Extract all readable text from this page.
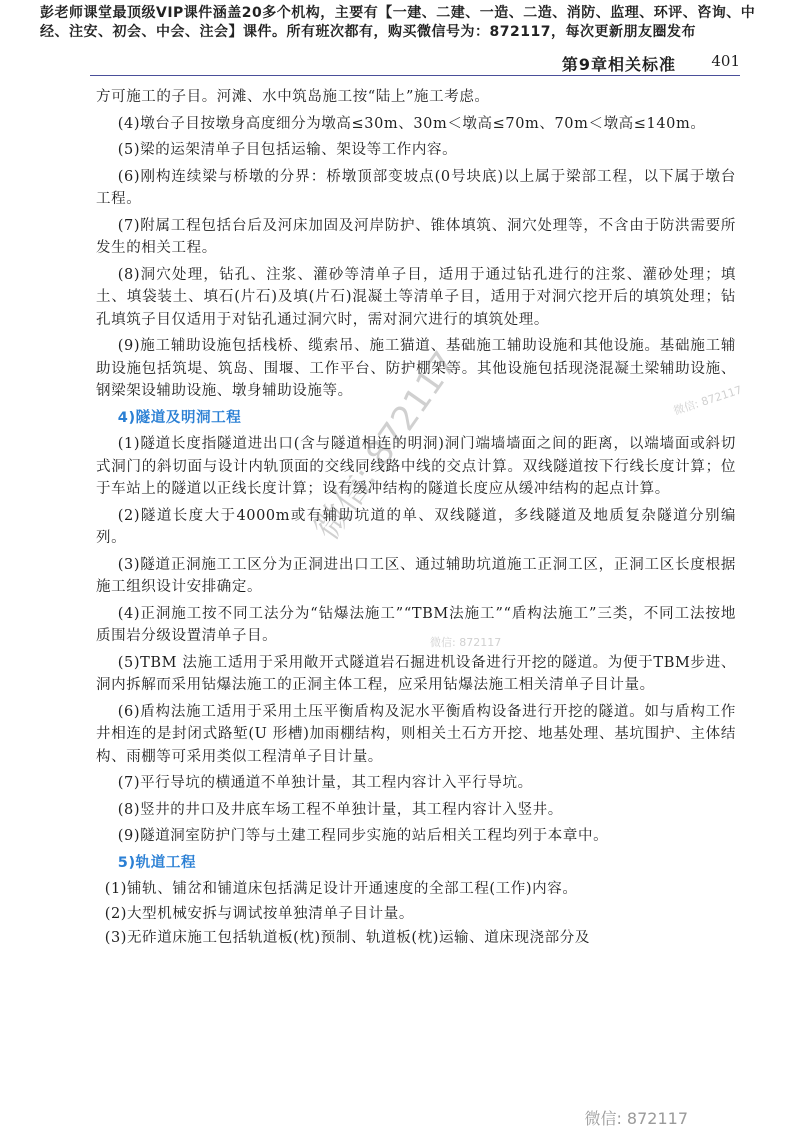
彭老师课堂最顶级VIP课件涵盖20多个机构，主要有【一建、二建、一造、二造、消防、监理、环评、咨询、中经、注安、初会、中会、注会】课件。所有班次都有，购买微信号为：872117，每次更新朋友圈发布
第9章相关标准 401

方可施工的子目。河滩、水中筑岛施工按“陆上”施工考虑。

(4)墩台子目按墩身高度细分为墩高≤30m、30m＜墩高≤70m、70m＜墩高≤140m。

(5)梁的运架清单子目包括运输、架设等工作内容。

(6)刚构连续梁与桥墩的分界：桥墩顶部变坡点(0号块底)以上属于梁部工程，以下属于墩台工程。

(7)附属工程包括台后及河床加固及河岸防护、锥体填筑、洞穴处理等，不含由于防洪需要所发生的相关工程。

(8)洞穴处理，钻孔、注浆、灌砂等清单子目，适用于通过钻孔进行的注浆、灌砂处理；填土、填袋装土、填石(片石)及填(片石)混凝土等清单子目，适用于对洞穴挖开后的填筑处理；钻孔填筑子目仅适用于对钻孔通过洞穴时，需对洞穴进行的填筑处理。

(9)施工辅助设施包括栈桥、缆索吊、施工猫道、基础施工辅助设施和其他设施。基础施工辅助设施包括筑堤、筑岛、围堰、工作平台、防护棚架等。其他设施包括现浇混凝土梁辅助设施、钢梁架设辅助设施、墩身辅助设施等。

4)隧道及明洞工程

(1)隧道长度指隧道进出口(含与隧道相连的明洞)洞门端墙墙面之间的距离，以端墙面或斜切式洞门的斜切面与设计内轨顶面的交线同线路中线的交点计算。双线隧道按下行线长度计算；位于车站上的隧道以正线长度计算；设有缓冲结构的隧道长度应从缓冲结构的起点计算。

(2)隧道长度大于4000m或有辅助坑道的单、双线隧道，多线隧道及地质复杂隧道分别编列。

(3)隧道正洞施工工区分为正洞进出口工区、通过辅助坑道施工正洞工区，正洞工区长度根据施工组织设计安排确定。

(4)正洞施工按不同工法分为“钻爆法施工”“TBM法施工”“盾构法施工”三类，不同工法按地质围岩分级设置清单子目。

(5)TBM 法施工适用于采用敞开式隧道岩石掘进机设备进行开挖的隧道。为便于TBM步进、洞内拆解而采用钻爆法施工的正洞主体工程，应采用钻爆法施工相关清单子目计量。

(6)盾构法施工适用于采用土压平衡盾构及泥水平衡盾构设备进行开挖的隧道。如与盾构工作井相连的是封闭式路堑(U 形槽)加雨棚结构，则相关土石方开挖、地基处理、基坑围护、主体结构、雨棚等可采用类似工程清单子目计量。

(7)平行导坑的横通道不单独计量，其工程内容计入平行导坑。

(8)竖井的井口及井底车场工程不单独计量，其工程内容计入竖井。

(9)隧道洞室防护门等与土建工程同步实施的站后相关工程均列于本章中。

5)轨道工程

(1)铺轨、铺岔和铺道床包括满足设计开通速度的全部工程(工作)内容。

(2)大型机械安拆与调试按单独清单子目计量。

(3)无砟道床施工包括轨道板(枕)预制、轨道板(枕)运输、道床现浇部分及

微信: 872117	微信: 872117
微信: 872117
微信: 872117
